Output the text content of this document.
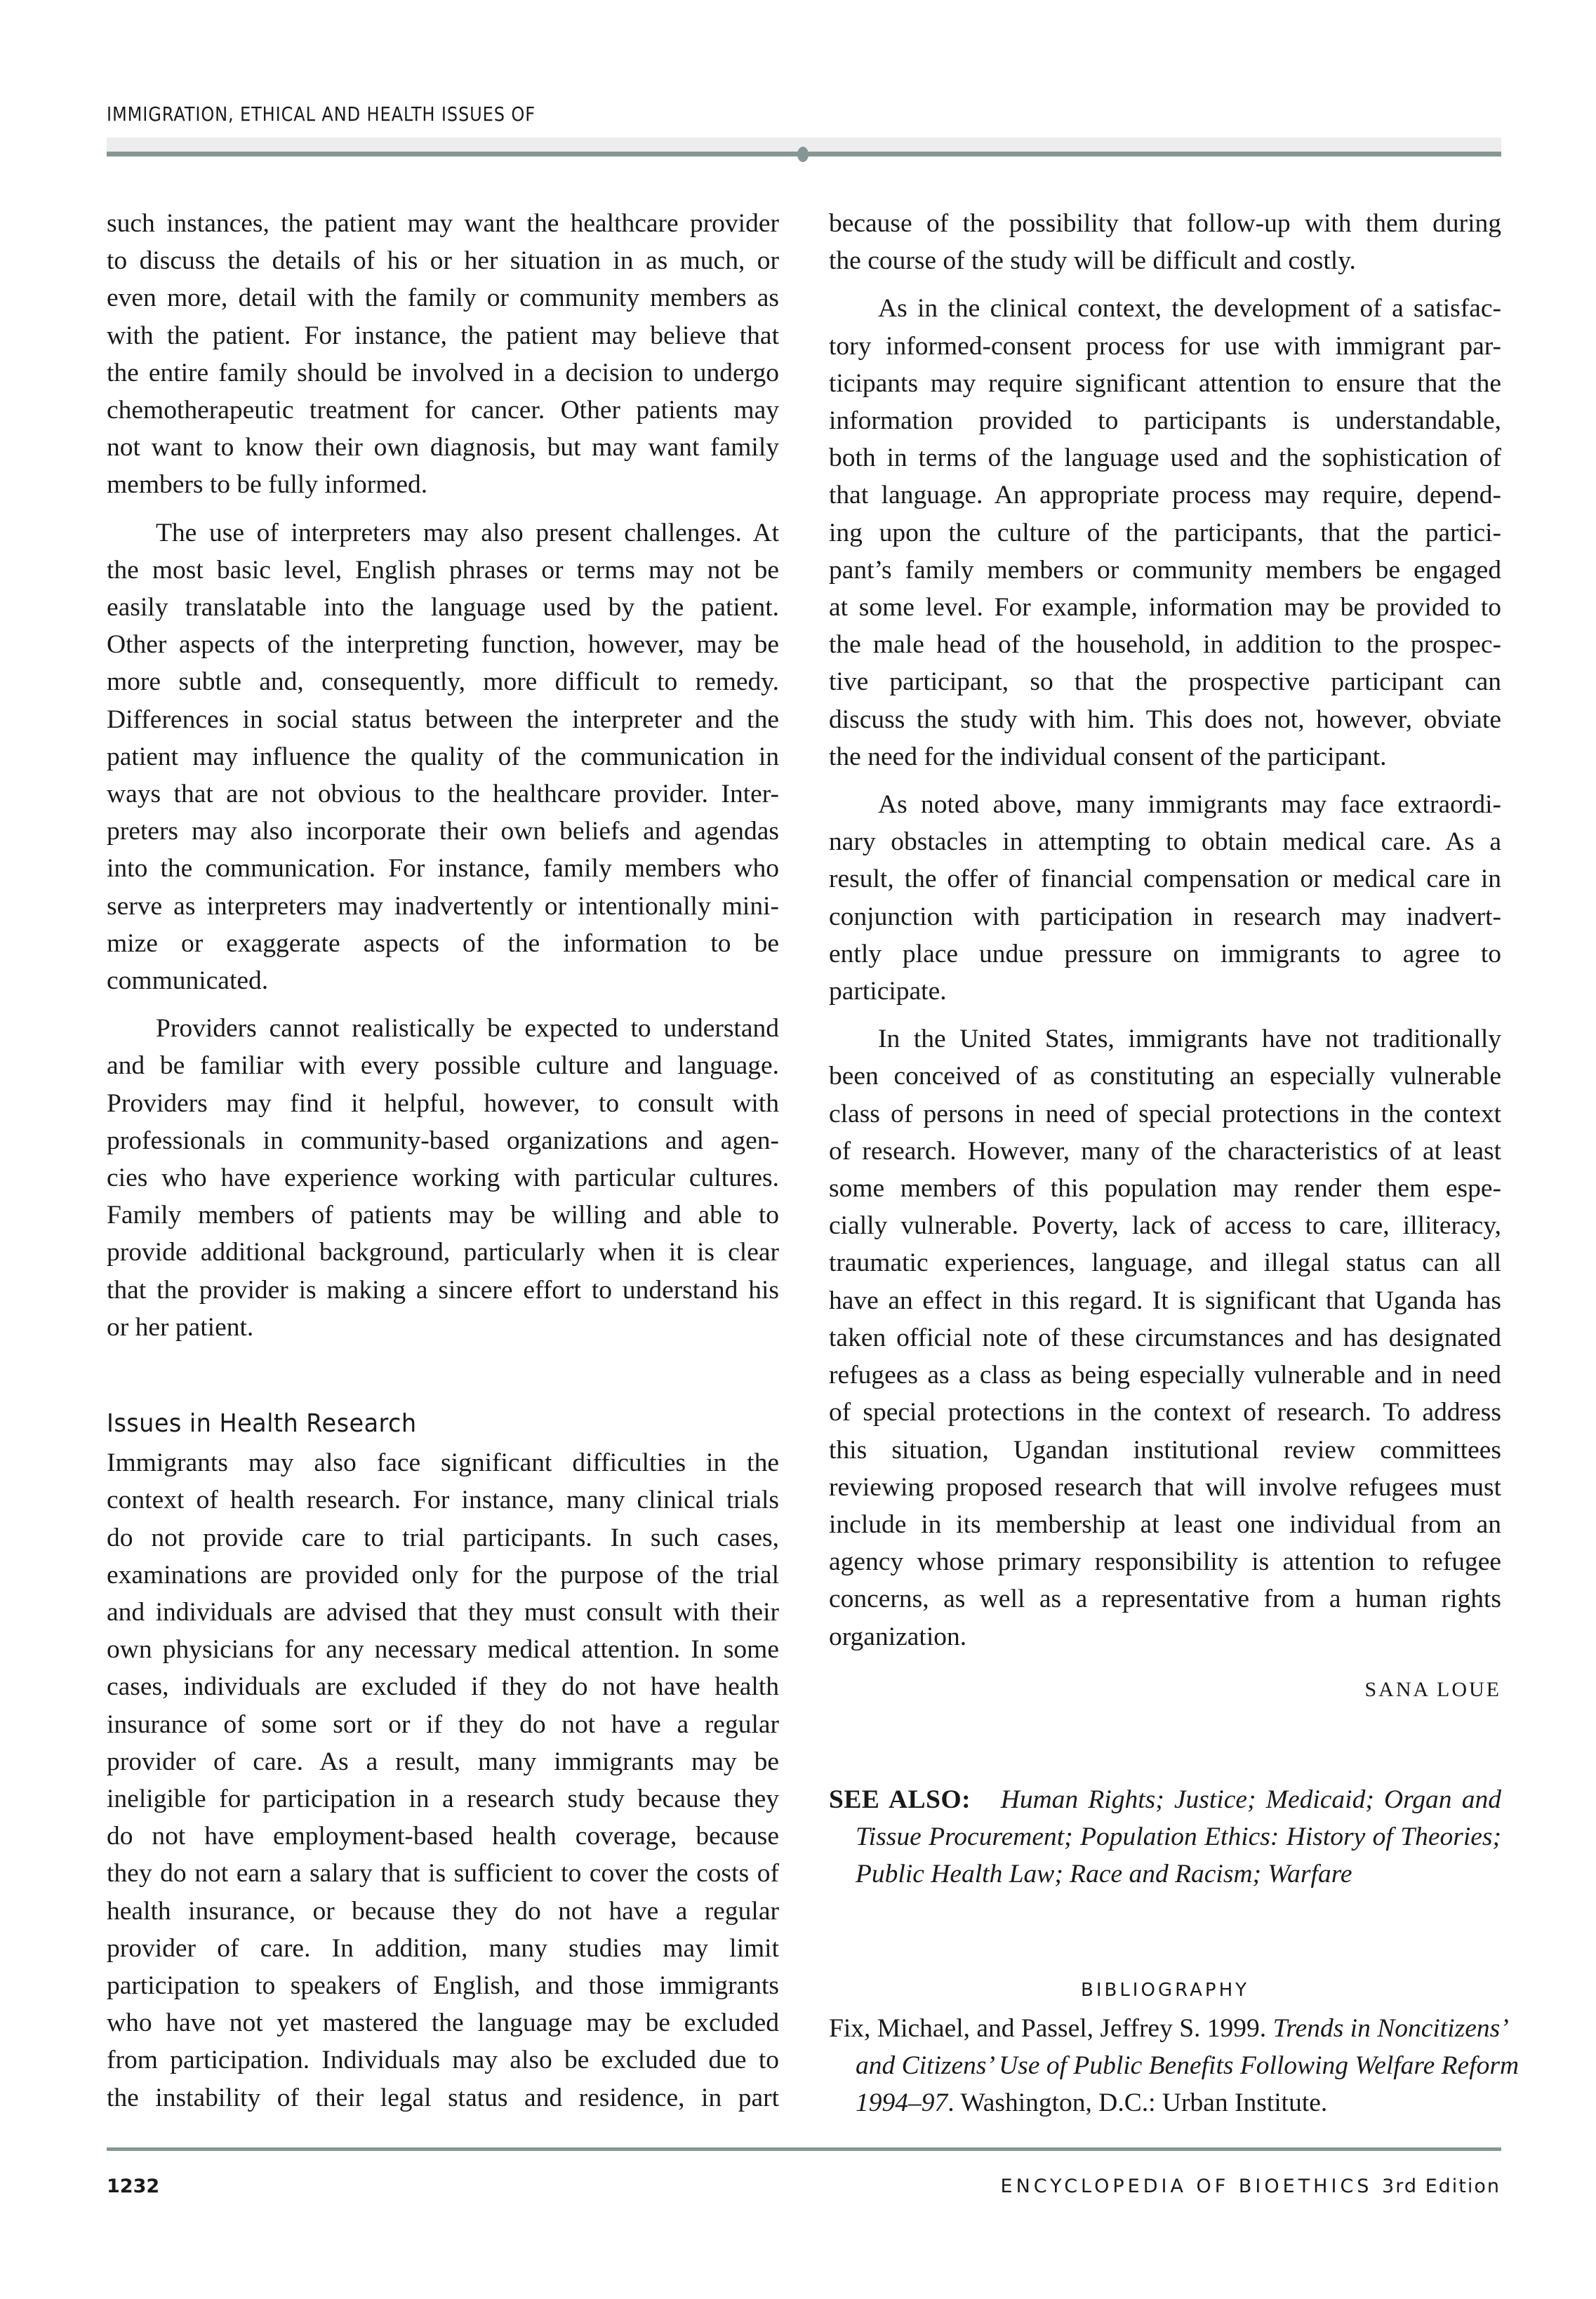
IMMIGRATION, ETHICAL AND HEALTH ISSUES OF
such instances, the patient may want the healthcare provider
to discuss the details of his or her situation in as much, or
even more, detail with the family or community members as
with the patient. For instance, the patient may believe that
the entire family should be involved in a decision to undergo
chemotherapeutic treatment for cancer. Other patients may
not want to know their own diagnosis, but may want family
members to be fully informed.
The use of interpreters may also present challenges. At
the most basic level, English phrases or terms may not be
easily translatable into the language used by the patient.
Other aspects of the interpreting function, however, may be
more subtle and, consequently, more difficult to remedy.
Differences in social status between the interpreter and the
patient may influence the quality of the communication in
ways that are not obvious to the healthcare provider. Inter-
preters may also incorporate their own beliefs and agendas
into the communication. For instance, family members who
serve as interpreters may inadvertently or intentionally mini-
mize or exaggerate aspects of the information to be
communicated.
Providers cannot realistically be expected to understand
and be familiar with every possible culture and language.
Providers may find it helpful, however, to consult with
professionals in community-based organizations and agen-
cies who have experience working with particular cultures.
Family members of patients may be willing and able to
provide additional background, particularly when it is clear
that the provider is making a sincere effort to understand his
or her patient.
Issues in Health Research
Immigrants may also face significant difficulties in the
context of health research. For instance, many clinical trials
do not provide care to trial participants. In such cases,
examinations are provided only for the purpose of the trial
and individuals are advised that they must consult with their
own physicians for any necessary medical attention. In some
cases, individuals are excluded if they do not have health
insurance of some sort or if they do not have a regular
provider of care. As a result, many immigrants may be
ineligible for participation in a research study because they
do not have employment-based health coverage, because
they do not earn a salary that is sufficient to cover the costs of
health insurance, or because they do not have a regular
provider of care. In addition, many studies may limit
participation to speakers of English, and those immigrants
who have not yet mastered the language may be excluded
from participation. Individuals may also be excluded due to
the instability of their legal status and residence, in part
because of the possibility that follow-up with them during
the course of the study will be difficult and costly.
As in the clinical context, the development of a satisfac-
tory informed-consent process for use with immigrant par-
ticipants may require significant attention to ensure that the
information provided to participants is understandable,
both in terms of the language used and the sophistication of
that language. An appropriate process may require, depend-
ing upon the culture of the participants, that the partici-
pant’s family members or community members be engaged
at some level. For example, information may be provided to
the male head of the household, in addition to the prospec-
tive participant, so that the prospective participant can
discuss the study with him. This does not, however, obviate
the need for the individual consent of the participant.
As noted above, many immigrants may face extraordi-
nary obstacles in attempting to obtain medical care. As a
result, the offer of financial compensation or medical care in
conjunction with participation in research may inadvert-
ently place undue pressure on immigrants to agree to
participate.
In the United States, immigrants have not traditionally
been conceived of as constituting an especially vulnerable
class of persons in need of special protections in the context
of research. However, many of the characteristics of at least
some members of this population may render them espe-
cially vulnerable. Poverty, lack of access to care, illiteracy,
traumatic experiences, language, and illegal status can all
have an effect in this regard. It is significant that Uganda has
taken official note of these circumstances and has designated
refugees as a class as being especially vulnerable and in need
of special protections in the context of research. To address
this situation, Ugandan institutional review committees
reviewing proposed research that will involve refugees must
include in its membership at least one individual from an
agency whose primary responsibility is attention to refugee
concerns, as well as a representative from a human rights
organization.
SANA LOUE
SEE ALSO: Human Rights; Justice; Medicaid; Organ and
Tissue Procurement; Population Ethics: History of Theories;
Public Health Law; Race and Racism; Warfare
BIBLIOGRAPHY
Fix, Michael, and Passel, Jeffrey S. 1999. Trends in Noncitizens’
and Citizens’ Use of Public Benefits Following Welfare Reform
1994–97. Washington, D.C.: Urban Institute.
1232	ENCYCLOPEDIA OF BIOETHICS 3rd Edition
